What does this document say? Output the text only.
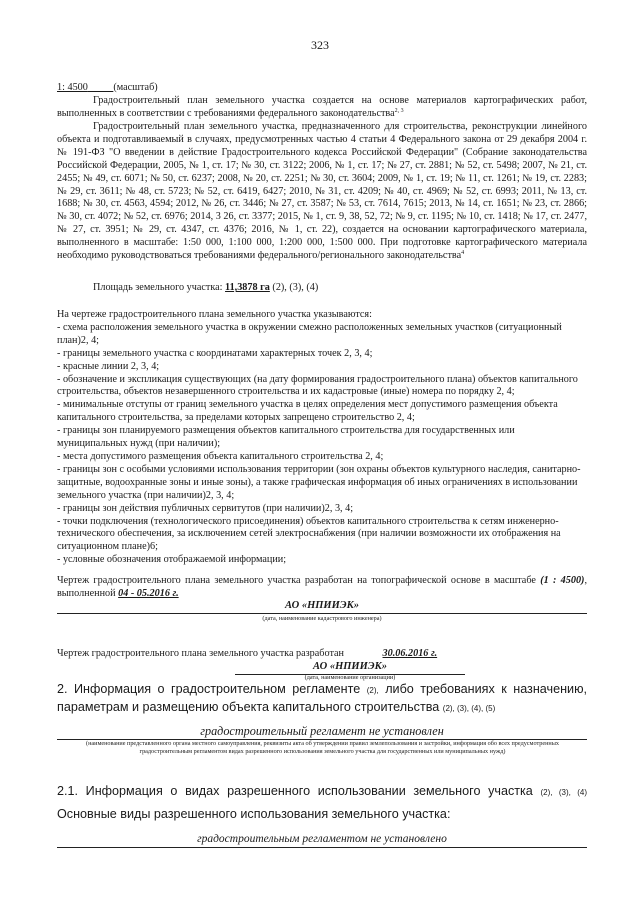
323
1: 4500 (масштаб)
Градостроительный план земельного участка создается на основе материалов картографических работ, выполненных в соответствии с требованиями федерального законодательства$^{2, 3}$
Градостроительный план земельного участка, предназначенного для строительства, реконструкции линейного объекта и подготавливаемый в случаях, предусмотренных частью 4 статьи 4 Федерального закона от 29 декабря 2004 г. № 191-ФЗ "О введении в действие Градостроительного кодекса Российской Федерации" (Собрание законодательства Российской Федерации, 2005, № 1, ст. 17; № 30, ст. 3122; 2006, № 1, ст. 17; № 27, ст. 2881; № 52, ст. 5498; 2007, № 21, ст. 2455; № 49, ст. 6071; № 50, ст. 6237; 2008, № 20, ст. 2251; № 30, ст. 3604; 2009, № 1, ст. 19; № 11, ст. 1261; № 19, ст. 2283; № 29, ст. 3611; № 48, ст. 5723; № 52, ст. 6419, 6427; 2010, № 31, ст. 4209; № 40, ст. 4969; № 52, ст. 6993; 2011, № 13, ст. 1688; № 30, ст. 4563, 4594; 2012, № 26, ст. 3446; № 27, ст. 3587; № 53, ст. 7614, 7615; 2013, № 14, ст. 1651; № 23, ст. 2866; № 30, ст. 4072; № 52, ст. 6976; 2014, 3 26, ст. 3377; 2015, № 1, ст. 9, 38, 52, 72; № 9, ст. 1195; № 10, ст. 1418; № 17, ст. 2477, № 27, ст. 3951; № 29, ст. 4347, ст. 4376; 2016, № 1, ст. 22), создается на основании картографического материала, выполненного в масштабе: 1:50 000, 1:100 000, 1:200 000, 1:500 000. При подготовке картографического материала необходимо руководствоваться требованиями федерального/регионального законодательства$^4$
Площадь земельного участка: 11,3878 га (2), (3), (4)
На чертеже градостроительного плана земельного участка указываются:
- схема расположения земельного участка в окружении смежно расположенных земельных участков (ситуационный план)2, 4;
- границы земельного участка с координатами характерных точек 2, 3, 4;
- красные линии 2, 3, 4;
- обозначение и экспликация существующих (на дату формирования градостроительного плана) объектов капитального строительства, объектов незавершенного строительства и их кадастровые (иные) номера по порядку 2, 4;
- минимальные отступы от границ земельного участка в целях определения мест допустимого размещения объекта капитального строительства, за пределами которых запрещено строительство 2, 4;
- границы зон планируемого размещения объектов капитального строительства для государственных или муниципальных нужд (при наличии);
- места допустимого размещения объекта капитального строительства 2, 4;
- границы зон с особыми условиями использования территории (зон охраны объектов культурного наследия, санитарно-защитные, водоохранные зоны и иные зоны), а также графическая информация об иных ограничениях в использовании земельного участка (при наличии)2, 3, 4;
- границы зон действия публичных сервитутов (при наличии)2, 3, 4;
- точки подключения (технологического присоединения) объектов капитального строительства к сетям инженерно-технического обеспечения, за исключением сетей электроснабжения (при наличии возможности их отображения на ситуационном плане)6;
- условные обозначения отображаемой информации;
Чертеж градостроительного плана земельного участка разработан на топографической основе в масштабе (1 : 4500), выполненной 04 - 05.2016 г.
АО «НПИИЭК»
(дата, наименование кадастрового инженера)
Чертеж градостроительного плана земельного участка разработан	30.06.2016 г.
АО «НПИИЭК»
(дата, наименование организации)
2. Информация о градостроительном регламенте (2), либо требованиях к назначению, параметрам и размещению объекта капитального строительства (2), (3), (4), (5)
градостроительный регламент не установлен
(наименование представленного органа местного самоуправления, реквизиты акта об утверждении правил землепользования и застройки, информация обо всех предусмотренных градостроительным регламентом видах разрешенного использования земельного участка для государственных или муниципальных нужд)
2.1. Информация о видах разрешенного использовании земельного участка (2), (3), (4)
Основные виды разрешенного использования земельного участка:
градостроительным регламентом не установлено
